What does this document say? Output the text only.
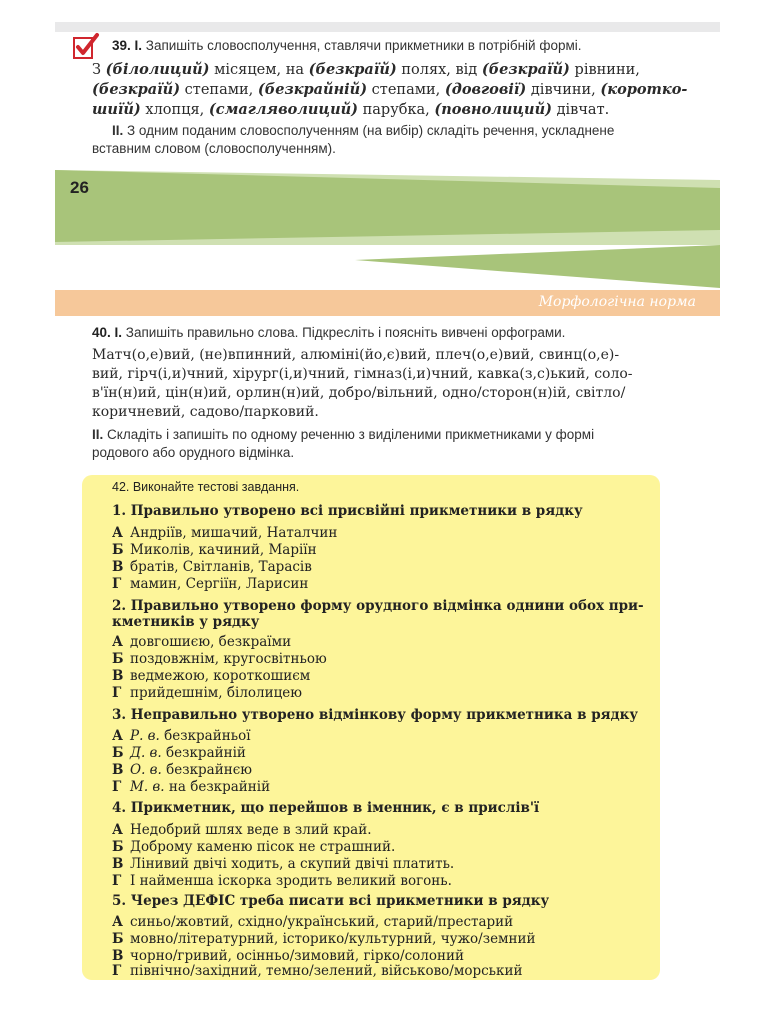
39. І. Запишіть словосполучення, ставлячи прикметники в потрібній формі.
З (білолиций) місяцем, на (безкраїй) полях, від (безкраїй) рівнини,
(безкраїй) степами, (безкрайній) степами, (довговії) дівчини, (коротко-
шиїй) хлопця, (смагляволиций) парубка, (повнолиций) дівчат.
II. З одним поданим словосполученням (на вибір) складіть речення, ускладнене
вставним словом (словосполученням).
26
Морфологічна норма
40. І. Запишіть правильно слова. Підкресліть і поясніть вивчені орфограми.
Матч(о,е)вий, (не)впинний, алюміні(йо,є)вий, плеч(о,е)вий, свинц(о,е)-
вий, гірч(і,и)чний, хірург(і,и)чний, гімназ(і,и)чний, кавка(з,с)ький, соло-
в'їн(н)ий, цін(н)ий, орлин(н)ий, добро/вільний, одно/сторон(н)ій, світло/
коричневий, садово/парковий.
II. Складіть і запишіть по одному реченню з виділеними прикметниками у формі
родового або орудного відмінка.
42. Виконайте тестові завдання.
1. Правильно утворено всі присвійні прикметники в рядку
А Андріїв, мишачий, Наталчин
Б Миколів, качиний, Маріїн
В братів, Світланів, Тарасів
Г мамин, Сергіїн, Ларисин
2. Правильно утворено форму орудного відмінка однини обох при-
кметників у рядку
А довгошиєю, безкраїми
Б поздовжнім, кругосвітньою
В ведмежою, короткошиєм
Г прийдешнім, білолицею
3. Неправильно утворено відмінкову форму прикметника в рядку
А Р. в. безкрайньої
Б Д. в. безкрайній
В О. в. безкрайнєю
Г М. в. на безкрайній
4. Прикметник, що перейшов в іменник, є в прислів'ї
А Недобрий шлях веде в злий край.
Б Доброму каменю пісок не страшний.
В Лінивий двічі ходить, а скупий двічі платить.
Г І найменша іскорка зродить великий вогонь.
5. Через ДЕФІС треба писати всі прикметники в рядку
А синьо/жовтий, східно/український, старий/престарий
Б мовно/літературний, історико/культурний, чужо/земний
В чорно/гривий, осінньо/зимовий, гірко/солоний
Г північно/західний, темно/зелений, військово/морський
